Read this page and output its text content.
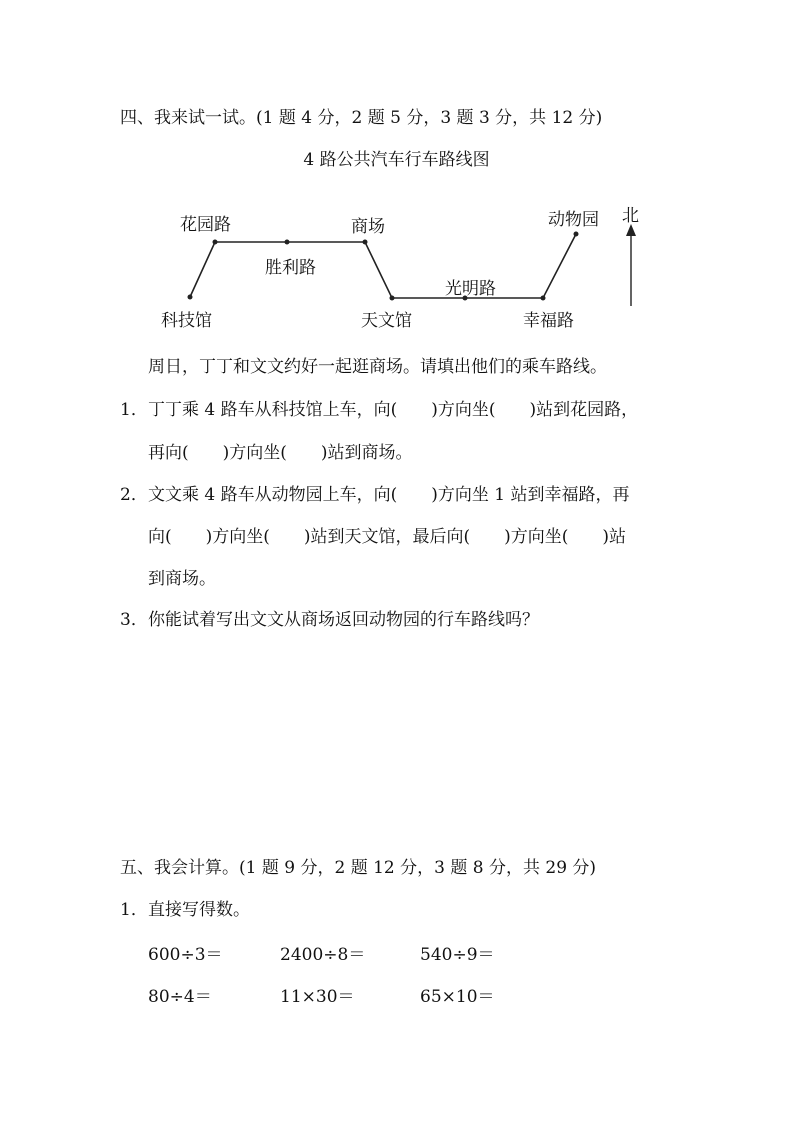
四、我来试一试。(1 题 4 分，2 题 5 分，3 题 3 分，共 12 分)
4 路公共汽车行车路线图
花园路	商场
胜利路
科技馆	天文馆
光明路
幸福路
动物园 北
周日，丁丁和文文约好一起逛商场。请填出他们的乘车路线。
1． 丁丁乘 4 路车从科技馆上车，向(　　)方向坐(　　)站到花园路，
再向(　　)方向坐(　　)站到商场。
2． 文文乘 4 路车从动物园上车，向(　　)方向坐 1 站到幸福路，再
向(　　)方向坐(　　)站到天文馆，最后向(　　)方向坐(　　)站
到商场。
3． 你能试着写出文文从商场返回动物园的行车路线吗？
五、我会计算。(1 题 9 分，2 题 12 分，3 题 8 分，共 29 分)
1． 直接写得数。
600÷3＝	2400÷8＝	540÷9＝
80÷4＝	11×30＝	65×10＝
